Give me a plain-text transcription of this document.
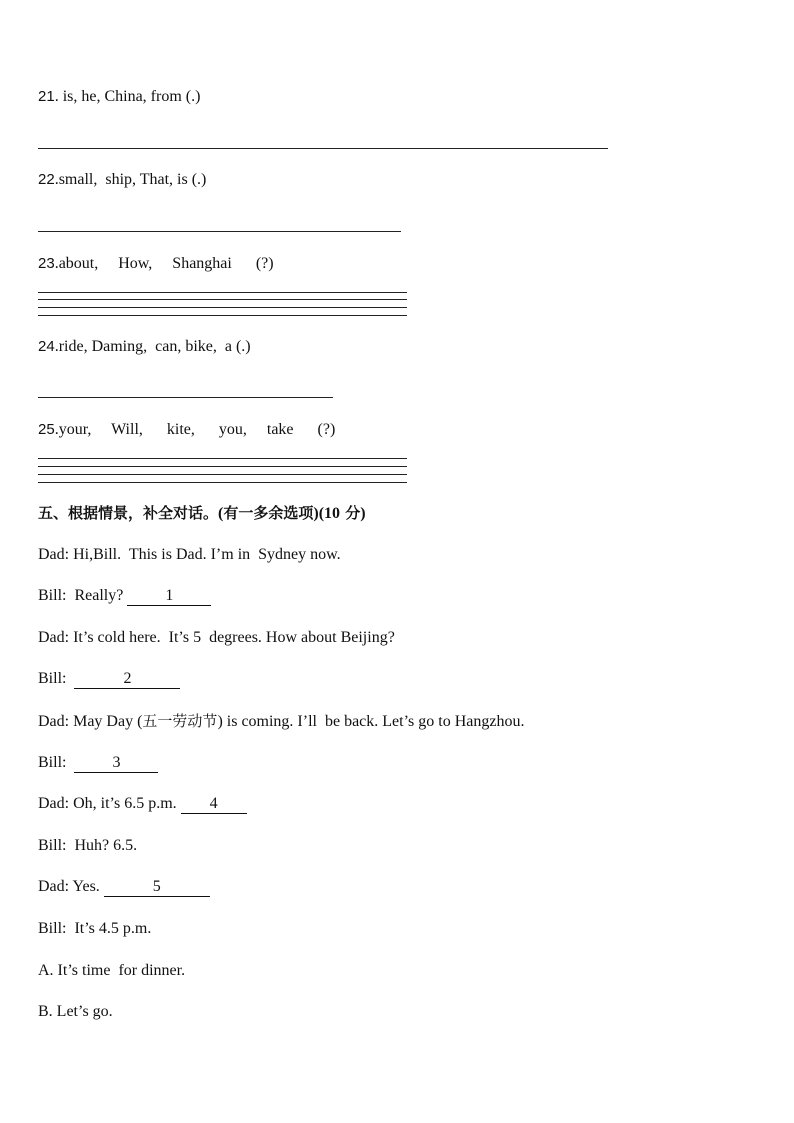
21. is, he, China, from (.)
22.small,  ship, That, is (.)
23.about,     How,     Shanghai      (?)
24.ride, Daming,  can, bike,  a (.)
25.your,     Will,      kite,      you,     take      (?)
五、根据情景，补全对话。(有一多余选项)(10 分)
Dad: Hi,Bill.  This is Dad. I’m in  Sydney now.
Bill:  Really? 1
Dad: It’s cold here.  It’s 5  degrees. How about Beijing?
Bill:	2
Dad: May Day (五一劳动节) is coming. I’ll  be back. Let’s go to Hangzhou.
Bill:  3
Dad: Oh, it’s 6.5 p.m. 4
Bill:  Huh? 6.5.
Dad: Yes.	5
Bill:  It’s 4.5 p.m.
A. It’s time  for dinner.
B. Let’s go.
